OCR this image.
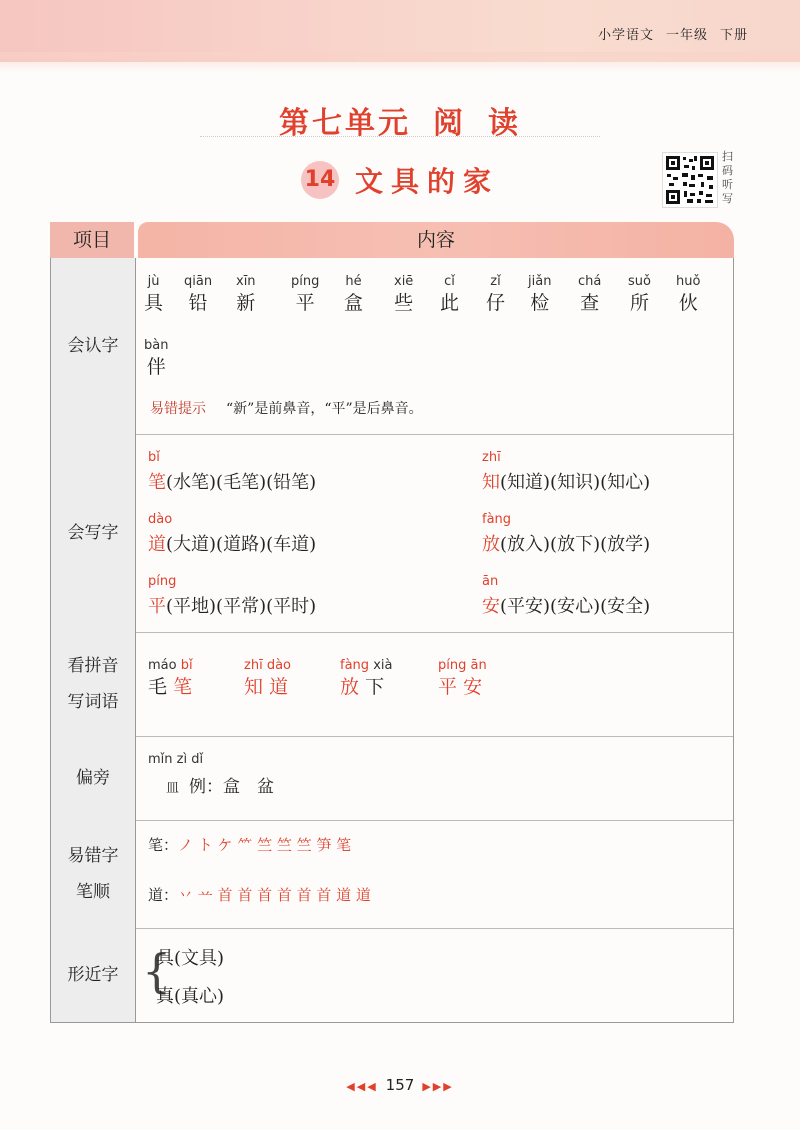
小学语文 一年级 下册
第七单元 阅 读
14 文具的家
扫码听写
项目	内容
会认字
jù
具
qiān
铅
xīn
新
píng
平
hé
盒
xiē
些
cǐ
此
zǐ
仔
jiǎn
检
chá
查
suǒ
所
huǒ
伙
bàn
伴
易错提示 “新”是前鼻音，“平”是后鼻音。
会写字
bǐ
笔(水笔)(毛笔)(铅笔)
zhī
知(知道)(知识)(知心)
dào
道(大道)(道路)(车道)
fàng
放(放入)(放下)(放学)
píng
平(平地)(平常)(平时)
ān
安(平安)(安心)(安全)
看拼音
写词语
máo bǐ
毛 笔
zhī dào
知 道
fàng xià
放 下
píng ān
平 安
偏旁
mǐn zì dǐ
皿 例：盒　盆
易错字
笔顺
笔：ノ ト ケ ⺮ 竺 竺 竺 笋 笔
道：丷 䒑 首 首 首 首 首 首 道 道
形近字 {
具(文具)
真(真心)
◀◀◀ 157 ▶▶▶
